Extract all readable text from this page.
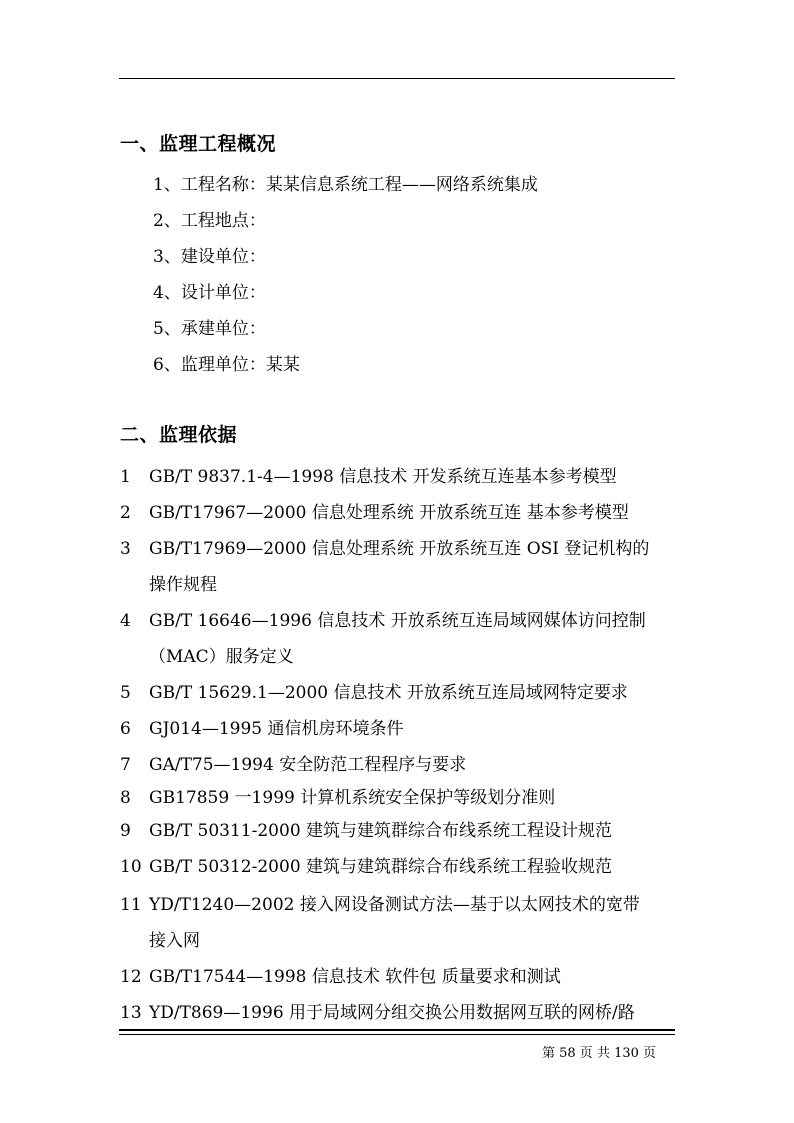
一、监理工程概况
1、工程名称：某某信息系统工程——网络系统集成
2、工程地点：
3、建设单位：
4、设计单位：
5、承建单位：
6、监理单位：某某
二、监理依据
1 GB/T 9837.1-4—1998 信息技术 开发系统互连基本参考模型
2 GB/T17967—2000 信息处理系统 开放系统互连 基本参考模型
3 GB/T17969—2000 信息处理系统 开放系统互连 OSI 登记机构的
操作规程
4 GB/T 16646—1996 信息技术 开放系统互连局域网媒体访问控制
（MAC）服务定义
5 GB/T 15629.1—2000 信息技术 开放系统互连局域网特定要求
6 GJ014—1995 通信机房环境条件
7 GA/T75—1994 安全防范工程程序与要求
8 GB17859 一1999 计算机系统安全保护等级划分准则
9 GB/T 50311-2000 建筑与建筑群综合布线系统工程设计规范
10 GB/T 50312-2000 建筑与建筑群综合布线系统工程验收规范
11 YD/T1240—2002 接入网设备测试方法—基于以太网技术的宽带
接入网
12 GB/T17544—1998 信息技术 软件包 质量要求和测试
13 YD/T869—1996 用于局域网分组交换公用数据网互联的网桥/路
第 58 页 共 130 页
